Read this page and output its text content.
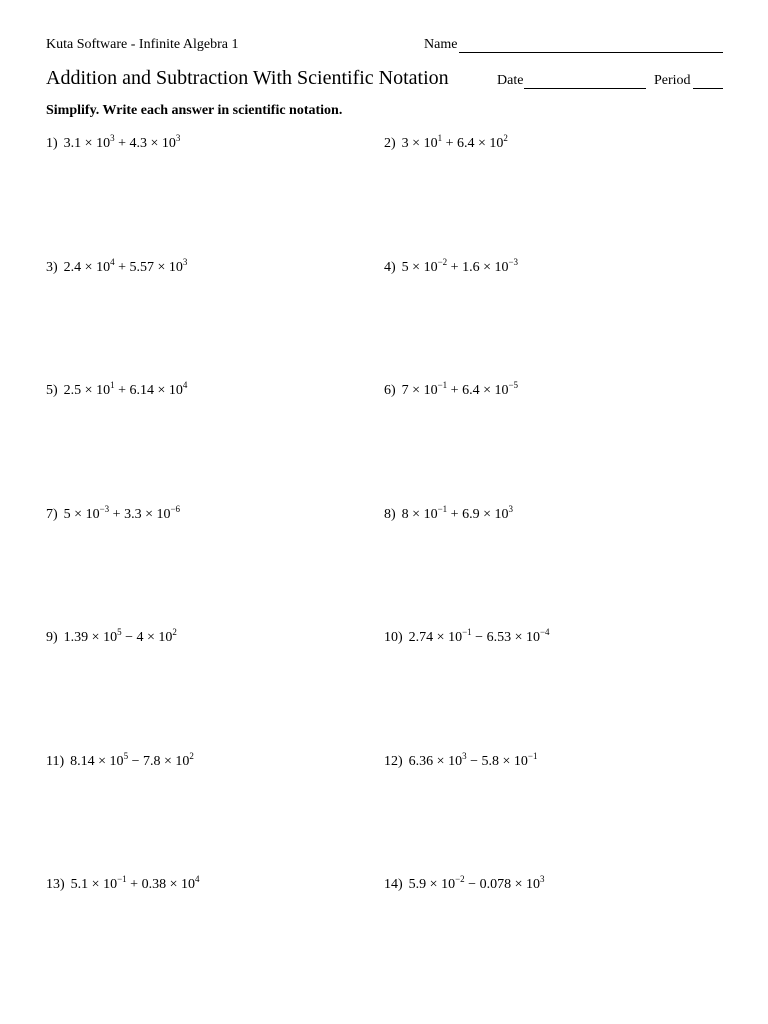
Kuta Software - Infinite Algebra 1	Name
Addition and Subtraction With Scientific Notation	Date	Period
Simplify. Write each answer in scientific notation.
1) $3.1 \times 10^3 + 4.3 \times 10^3$	2) $3 \times 10^1 + 6.4 \times 10^2$
3) $2.4 \times 10^4 + 5.57 \times 10^3$	4) $5 \times 10^{-2} + 1.6 \times 10^{-3}$
5) $2.5 \times 10^1 + 6.14 \times 10^4$	6) $7 \times 10^{-1} + 6.4 \times 10^{-5}$
7) $5 \times 10^{-3} + 3.3 \times 10^{-6}$	8) $8 \times 10^{-1} + 6.9 \times 10^3$
9) $1.39 \times 10^5 - 4 \times 10^2$	10) $2.74 \times 10^{-1} - 6.53 \times 10^{-4}$
11) $8.14 \times 10^5 - 7.8 \times 10^2$	12) $6.36 \times 10^3 - 5.8 \times 10^{-1}$
13) $5.1 \times 10^{-1} + 0.38 \times 10^4$	14) $5.9 \times 10^{-2} - 0.078 \times 10^3$
